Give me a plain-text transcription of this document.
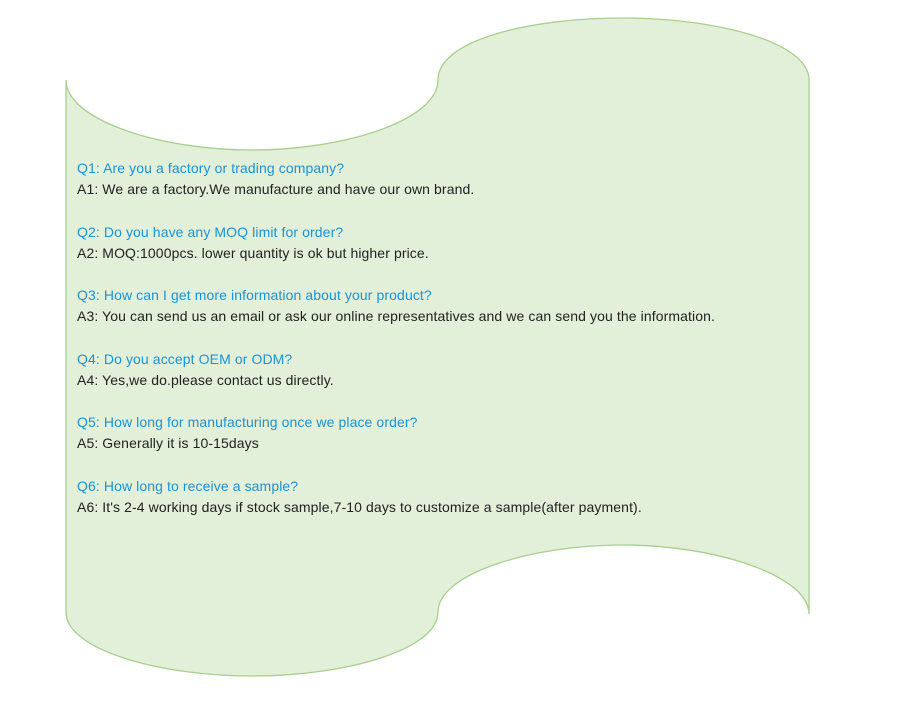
Q1: Are you a factory or trading company?
A1: We are a factory.We manufacture and have our own brand.
Q2: Do you have any MOQ limit for order?
A2: MOQ:1000pcs. lower quantity is ok but higher price.
Q3: How can I get more information about your product?
A3: You can send us an email or ask our online representatives and we can send you the information.
Q4: Do you accept OEM or ODM?
A4: Yes,we do.please contact us directly.
Q5: How long for manufacturing once we place order?
A5: Generally it is 10-15days
Q6: How long to receive a sample?
A6: It's 2-4 working days if stock sample,7-10 days to customize a sample(after payment).
